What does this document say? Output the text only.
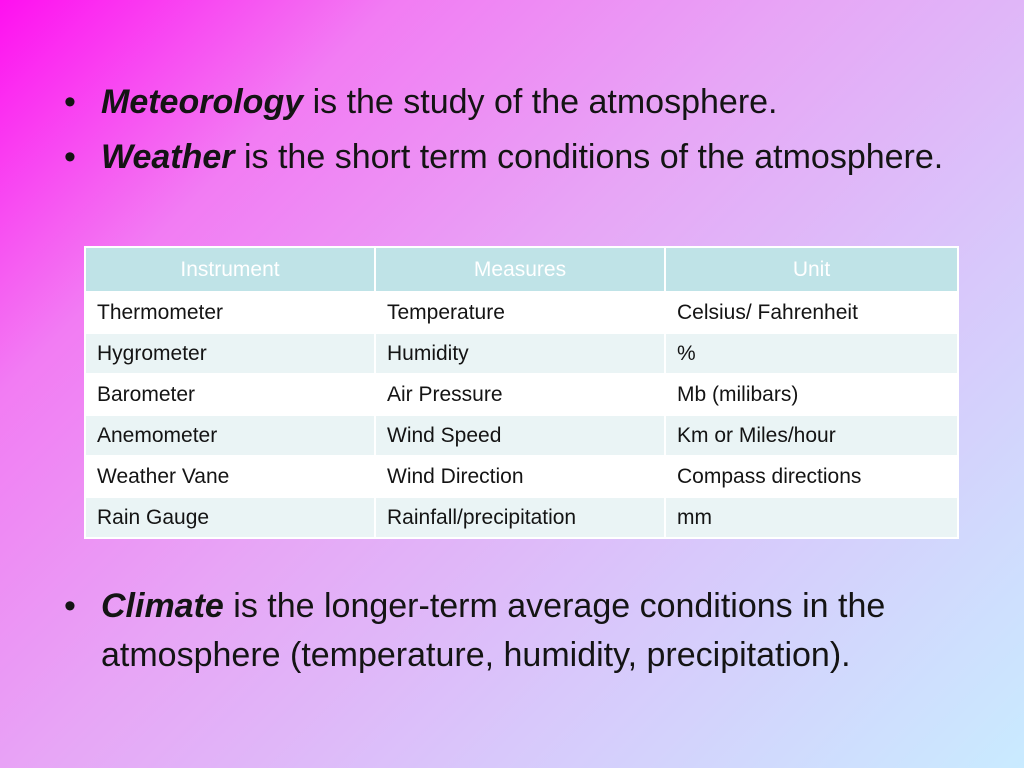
• Meteorology is the study of the atmosphere.
• Weather is the short term conditions of the atmosphere.
Instrument	Measures	Unit
Thermometer	Temperature	Celsius/ Fahrenheit
Hygrometer	Humidity	%
Barometer	Air Pressure	Mb (milibars)
Anemometer	Wind Speed	Km or Miles/hour
Weather Vane	Wind Direction	Compass directions
Rain Gauge	Rainfall/precipitation	mm
• Climate is the longer-term average conditions in the atmosphere (temperature, humidity, precipitation).
